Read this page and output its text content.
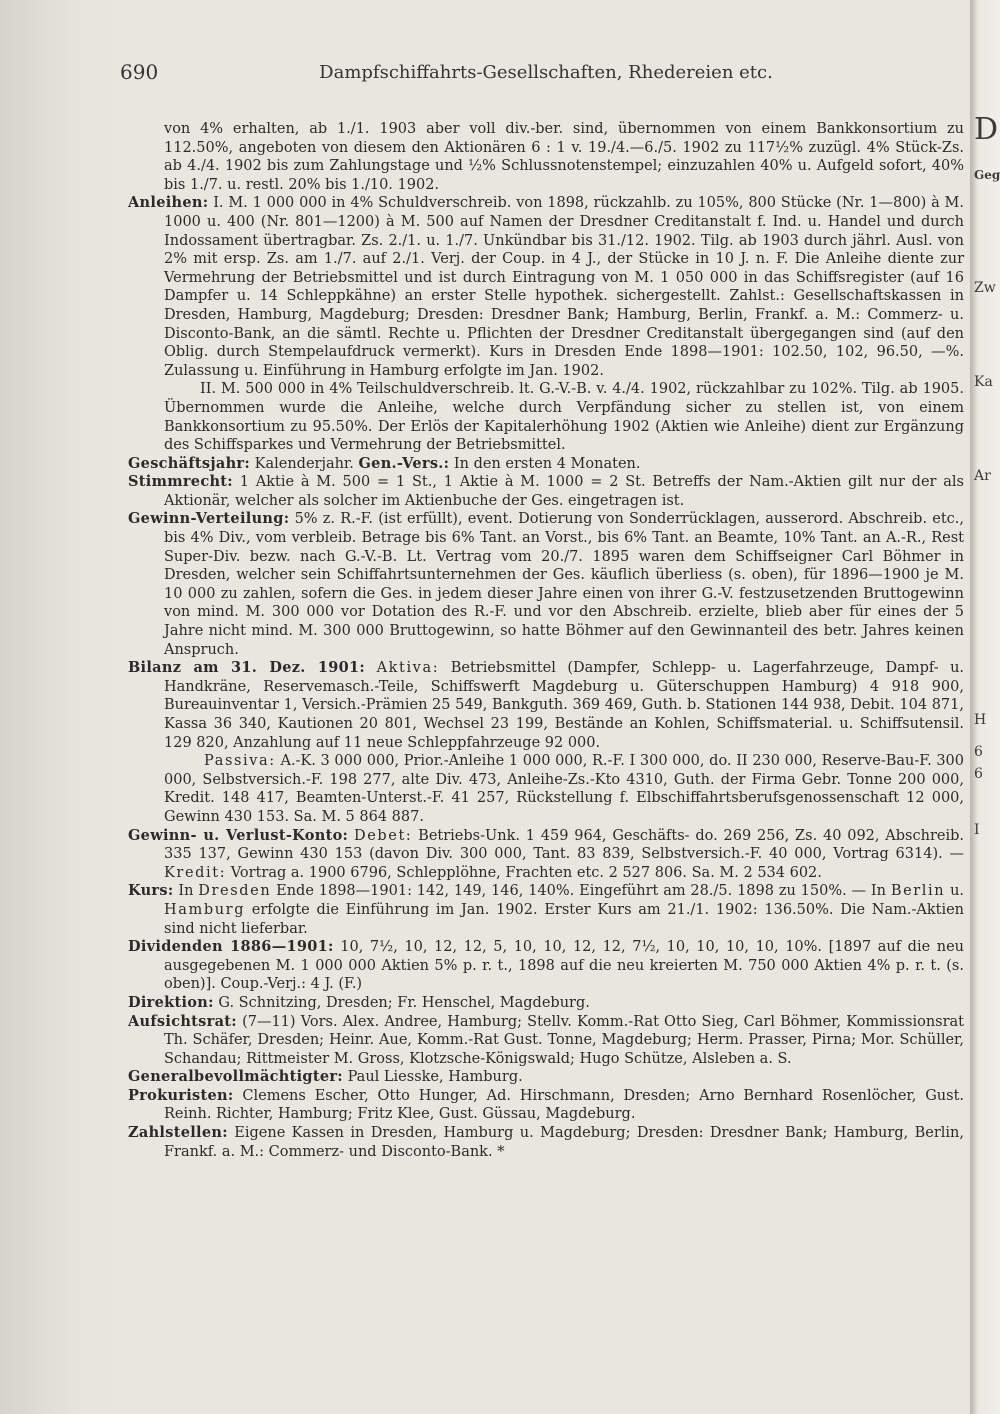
690	Dampfschiffahrts-Gesellschaften, Rhedereien etc.

von 4% erhalten, ab 1./1. 1903 aber voll div.-ber. sind, übernommen von einem Bankkonsortium zu 112.50%, angeboten von diesem den Aktionären 6 : 1 v. 19./4.—6./5. 1902 zu 117½% zuzügl. 4% Stück-Zs. ab 4./4. 1902 bis zum Zahlungstage und ½% Schlussnotenstempel; einzuzahlen 40% u. Aufgeld sofort, 40% bis 1./7. u. restl. 20% bis 1./10. 1902.

Anleihen: I. M. 1 000 000 in 4% Schuldverschreib. von 1898, rückzahlb. zu 105%, 800 Stücke (Nr. 1—800) à M. 1000 u. 400 (Nr. 801—1200) à M. 500 auf Namen der Dresdner Creditanstalt f. Ind. u. Handel und durch Indossament übertragbar. Zs. 2./1. u. 1./7. Unkündbar bis 31./12. 1902. Tilg. ab 1903 durch jährl. Ausl. von 2% mit ersp. Zs. am 1./7. auf 2./1. Verj. der Coup. in 4 J., der Stücke in 10 J. n. F. Die Anleihe diente zur Vermehrung der Betriebsmittel und ist durch Eintragung von M. 1 050 000 in das Schiffsregister (auf 16 Dampfer u. 14 Schleppkähne) an erster Stelle hypothek. sichergestellt. Zahlst.: Gesellschaftskassen in Dresden, Hamburg, Magdeburg; Dresden: Dresdner Bank; Hamburg, Berlin, Frankf. a. M.: Commerz- u. Disconto-Bank, an die sämtl. Rechte u. Pflichten der Dresdner Creditanstalt übergegangen sind (auf den Oblig. durch Stempelaufdruck vermerkt). Kurs in Dresden Ende 1898—1901: 102.50, 102, 96.50, —%. Zulassung u. Einführung in Hamburg erfolgte im Jan. 1902.

II. M. 500 000 in 4% Teilschuldverschreib. lt. G.-V.-B. v. 4./4. 1902, rückzahlbar zu 102%. Tilg. ab 1905. Übernommen wurde die Anleihe, welche durch Verpfändung sicher zu stellen ist, von einem Bankkonsortium zu 95.50%. Der Erlös der Kapitalerhöhung 1902 (Aktien wie Anleihe) dient zur Ergänzung des Schiffsparkes und Vermehrung der Betriebsmittel.

Geschäftsjahr: Kalenderjahr. Gen.-Vers.: In den ersten 4 Monaten.

Stimmrecht: 1 Aktie à M. 500 = 1 St., 1 Aktie à M. 1000 = 2 St. Betreffs der Nam.-Aktien gilt nur der als Aktionär, welcher als solcher im Aktienbuche der Ges. eingetragen ist.

Gewinn-Verteilung: 5% z. R.-F. (ist erfüllt), event. Dotierung von Sonderrücklagen, ausserord. Abschreib. etc., bis 4% Div., vom verbleib. Betrage bis 6% Tant. an Vorst., bis 6% Tant. an Beamte, 10% Tant. an A.-R., Rest Super-Div. bezw. nach G.-V.-B. Lt. Vertrag vom 20./7. 1895 waren dem Schiffseigner Carl Böhmer in Dresden, welcher sein Schiffahrtsunternehmen der Ges. käuflich überliess (s. oben), für 1896—1900 je M. 10 000 zu zahlen, sofern die Ges. in jedem dieser Jahre einen von ihrer G.-V. festzusetzenden Bruttogewinn von mind. M. 300 000 vor Dotation des R.-F. und vor den Abschreib. erzielte, blieb aber für eines der 5 Jahre nicht mind. M. 300 000 Bruttogewinn, so hatte Böhmer auf den Gewinnanteil des betr. Jahres keinen Anspruch.

Bilanz am 31. Dez. 1901: Aktiva: Betriebsmittel (Dampfer, Schlepp- u. Lagerfahrzeuge, Dampf- u. Handkräne, Reservemasch.-Teile, Schiffswerft Magdeburg u. Güterschuppen Hamburg) 4 918 900, Bureauinventar 1, Versich.-Prämien 25 549, Bankguth. 369 469, Guth. b. Stationen 144 938, Debit. 104 871, Kassa 36 340, Kautionen 20 801, Wechsel 23 199, Bestände an Kohlen, Schiffsmaterial. u. Schiffsutensil. 129 820, Anzahlung auf 11 neue Schleppfahrzeuge 92 000.

Passiva: A.-K. 3 000 000, Prior.-Anleihe 1 000 000, R.-F. I 300 000, do. II 230 000, Reserve-Bau-F. 300 000, Selbstversich.-F. 198 277, alte Div. 473, Anleihe-Zs.-Kto 4310, Guth. der Firma Gebr. Tonne 200 000, Kredit. 148 417, Beamten-Unterst.-F. 41 257, Rückstellung f. Elbschiffahrtsberufsgenossenschaft 12 000, Gewinn 430 153. Sa. M. 5 864 887.

Gewinn- u. Verlust-Konto: Debet: Betriebs-Unk. 1 459 964, Geschäfts- do. 269 256, Zs. 40 092, Abschreib. 335 137, Gewinn 430 153 (davon Div. 300 000, Tant. 83 839, Selbstversich.-F. 40 000, Vortrag 6314). — Kredit: Vortrag a. 1900 6796, Schlepplöhne, Frachten etc. 2 527 806. Sa. M. 2 534 602.

Kurs: In Dresden Ende 1898—1901: 142, 149, 146, 140%. Eingeführt am 28./5. 1898 zu 150%. — In Berlin u. Hamburg erfolgte die Einführung im Jan. 1902. Erster Kurs am 21./1. 1902: 136.50%. Die Nam.-Aktien sind nicht lieferbar.

Dividenden 1886—1901: 10, 7½, 10, 12, 12, 5, 10, 10, 12, 12, 7½, 10, 10, 10, 10, 10%. [1897 auf die neu ausgegebenen M. 1 000 000 Aktien 5% p. r. t., 1898 auf die neu kreierten M. 750 000 Aktien 4% p. r. t. (s. oben)]. Coup.-Verj.: 4 J. (F.)

Direktion: G. Schnitzing, Dresden; Fr. Henschel, Magdeburg.

Aufsichtsrat: (7—11) Vors. Alex. Andree, Hamburg; Stellv. Komm.-Rat Otto Sieg, Carl Böhmer, Kommissionsrat Th. Schäfer, Dresden; Heinr. Aue, Komm.-Rat Gust. Tonne, Magdeburg; Herm. Prasser, Pirna; Mor. Schüller, Schandau; Rittmeister M. Gross, Klotzsche-Königswald; Hugo Schütze, Alsleben a. S.

Generalbevollmächtigter: Paul Liesske, Hamburg.

Prokuristen: Clemens Escher, Otto Hunger, Ad. Hirschmann, Dresden; Arno Bernhard Rosenlöcher, Gust. Reinh. Richter, Hamburg; Fritz Klee, Gust. Güssau, Magdeburg.

Zahlstellen: Eigene Kassen in Dresden, Hamburg u. Magdeburg; Dresden: Dresdner Bank; Hamburg, Berlin, Frankf. a. M.: Commerz- und Disconto-Bank. *

D
Geg
Zw
Ka
Ar
H
6
6
I
